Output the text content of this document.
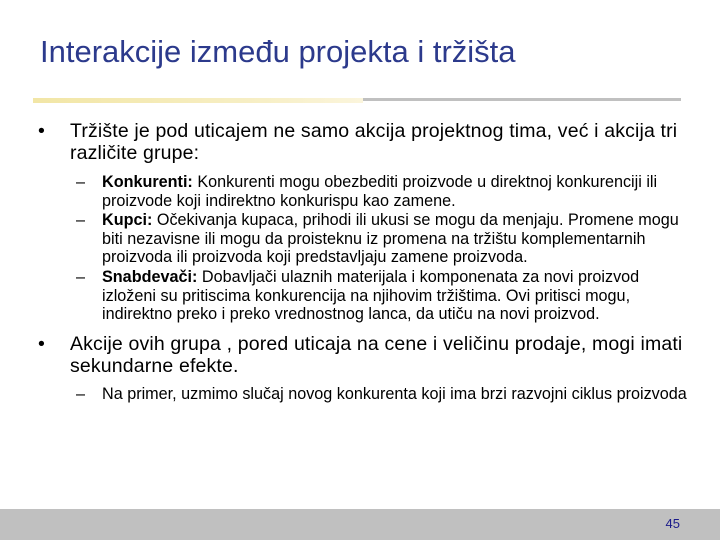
Interakcije između projekta i tržišta
• Tržište je pod uticajem ne samo akcija projektnog tima, već i akcija tri različite grupe:
– Konkurenti: Konkurenti mogu obezbediti proizvode u direktnoj konkurenciji ili proizvode koji indirektno konkurispu kao zamene.
– Kupci: Očekivanja kupaca, prihodi ili ukusi se mogu da menjaju. Promene mogu biti nezavisne ili mogu da proisteknu iz promena na tržištu komplementarnih proizvoda ili proizvoda koji predstavljaju zamene proizvoda.
– Snabdevači: Dobavljači ulaznih materijala i komponenata za novi proizvod izloženi su pritiscima konkurencija na njihovim tržištima. Ovi pritisci mogu, indirektno preko i preko vrednostnog lanca, da utiču na novi proizvod.
• Akcije ovih grupa , pored uticaja na cene i veličinu prodaje, mogi imati sekundarne efekte.
– Na primer, uzmimo slučaj novog konkurenta koji ima brzi razvojni ciklus proizvoda
45
